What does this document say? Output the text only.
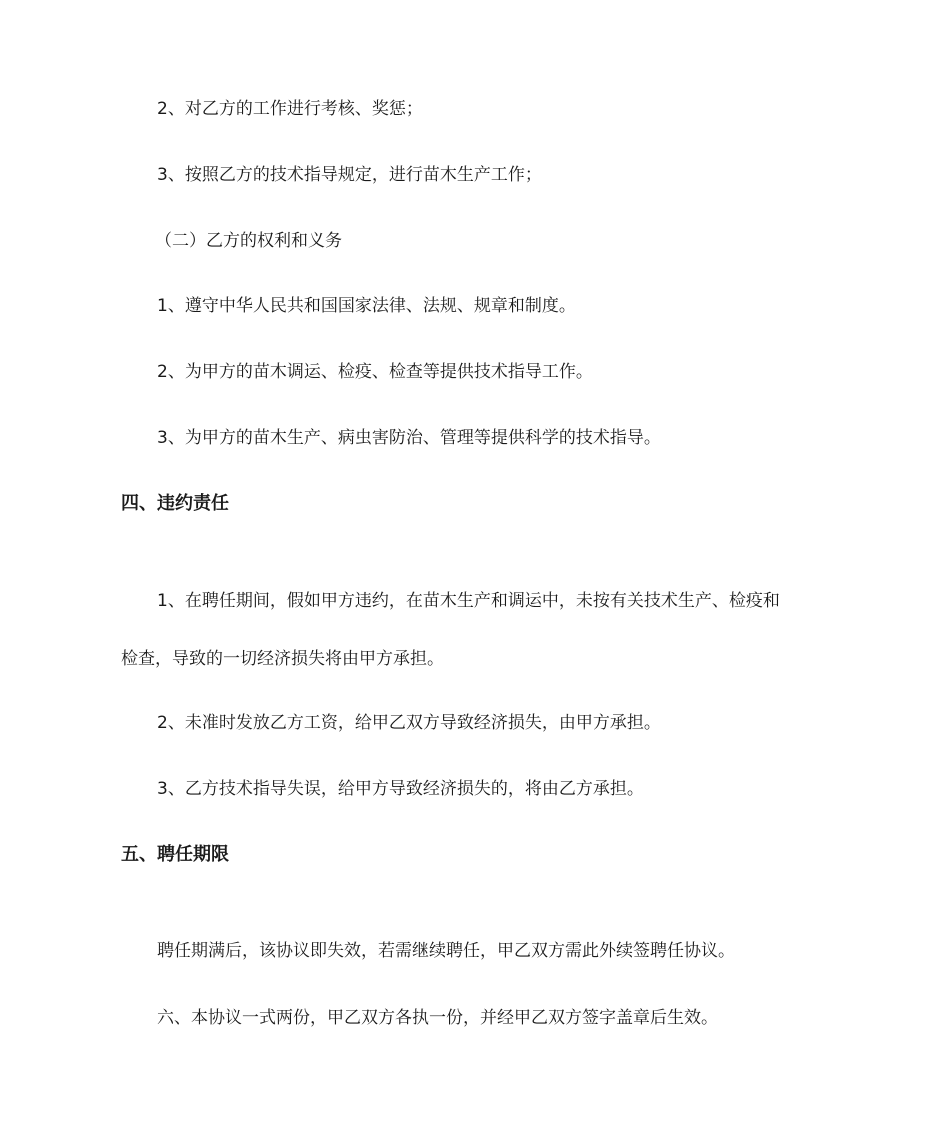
2、对乙方的工作进行考核、奖惩；
3、按照乙方的技术指导规定，进行苗木生产工作；
（二）乙方的权利和义务
1、遵守中华人民共和国国家法律、法规、规章和制度。
2、为甲方的苗木调运、检疫、检查等提供技术指导工作。
3、为甲方的苗木生产、病虫害防治、管理等提供科学的技术指导。
四、违约责任
1、在聘任期间，假如甲方违约，在苗木生产和调运中，未按有关技术生产、检疫和
检查，导致的一切经济损失将由甲方承担。
2、未准时发放乙方工资，给甲乙双方导致经济损失，由甲方承担。
3、乙方技术指导失误，给甲方导致经济损失的，将由乙方承担。
五、聘任期限
聘任期满后，该协议即失效，若需继续聘任，甲乙双方需此外续签聘任协议。
六、本协议一式两份，甲乙双方各执一份，并经甲乙双方签字盖章后生效。
